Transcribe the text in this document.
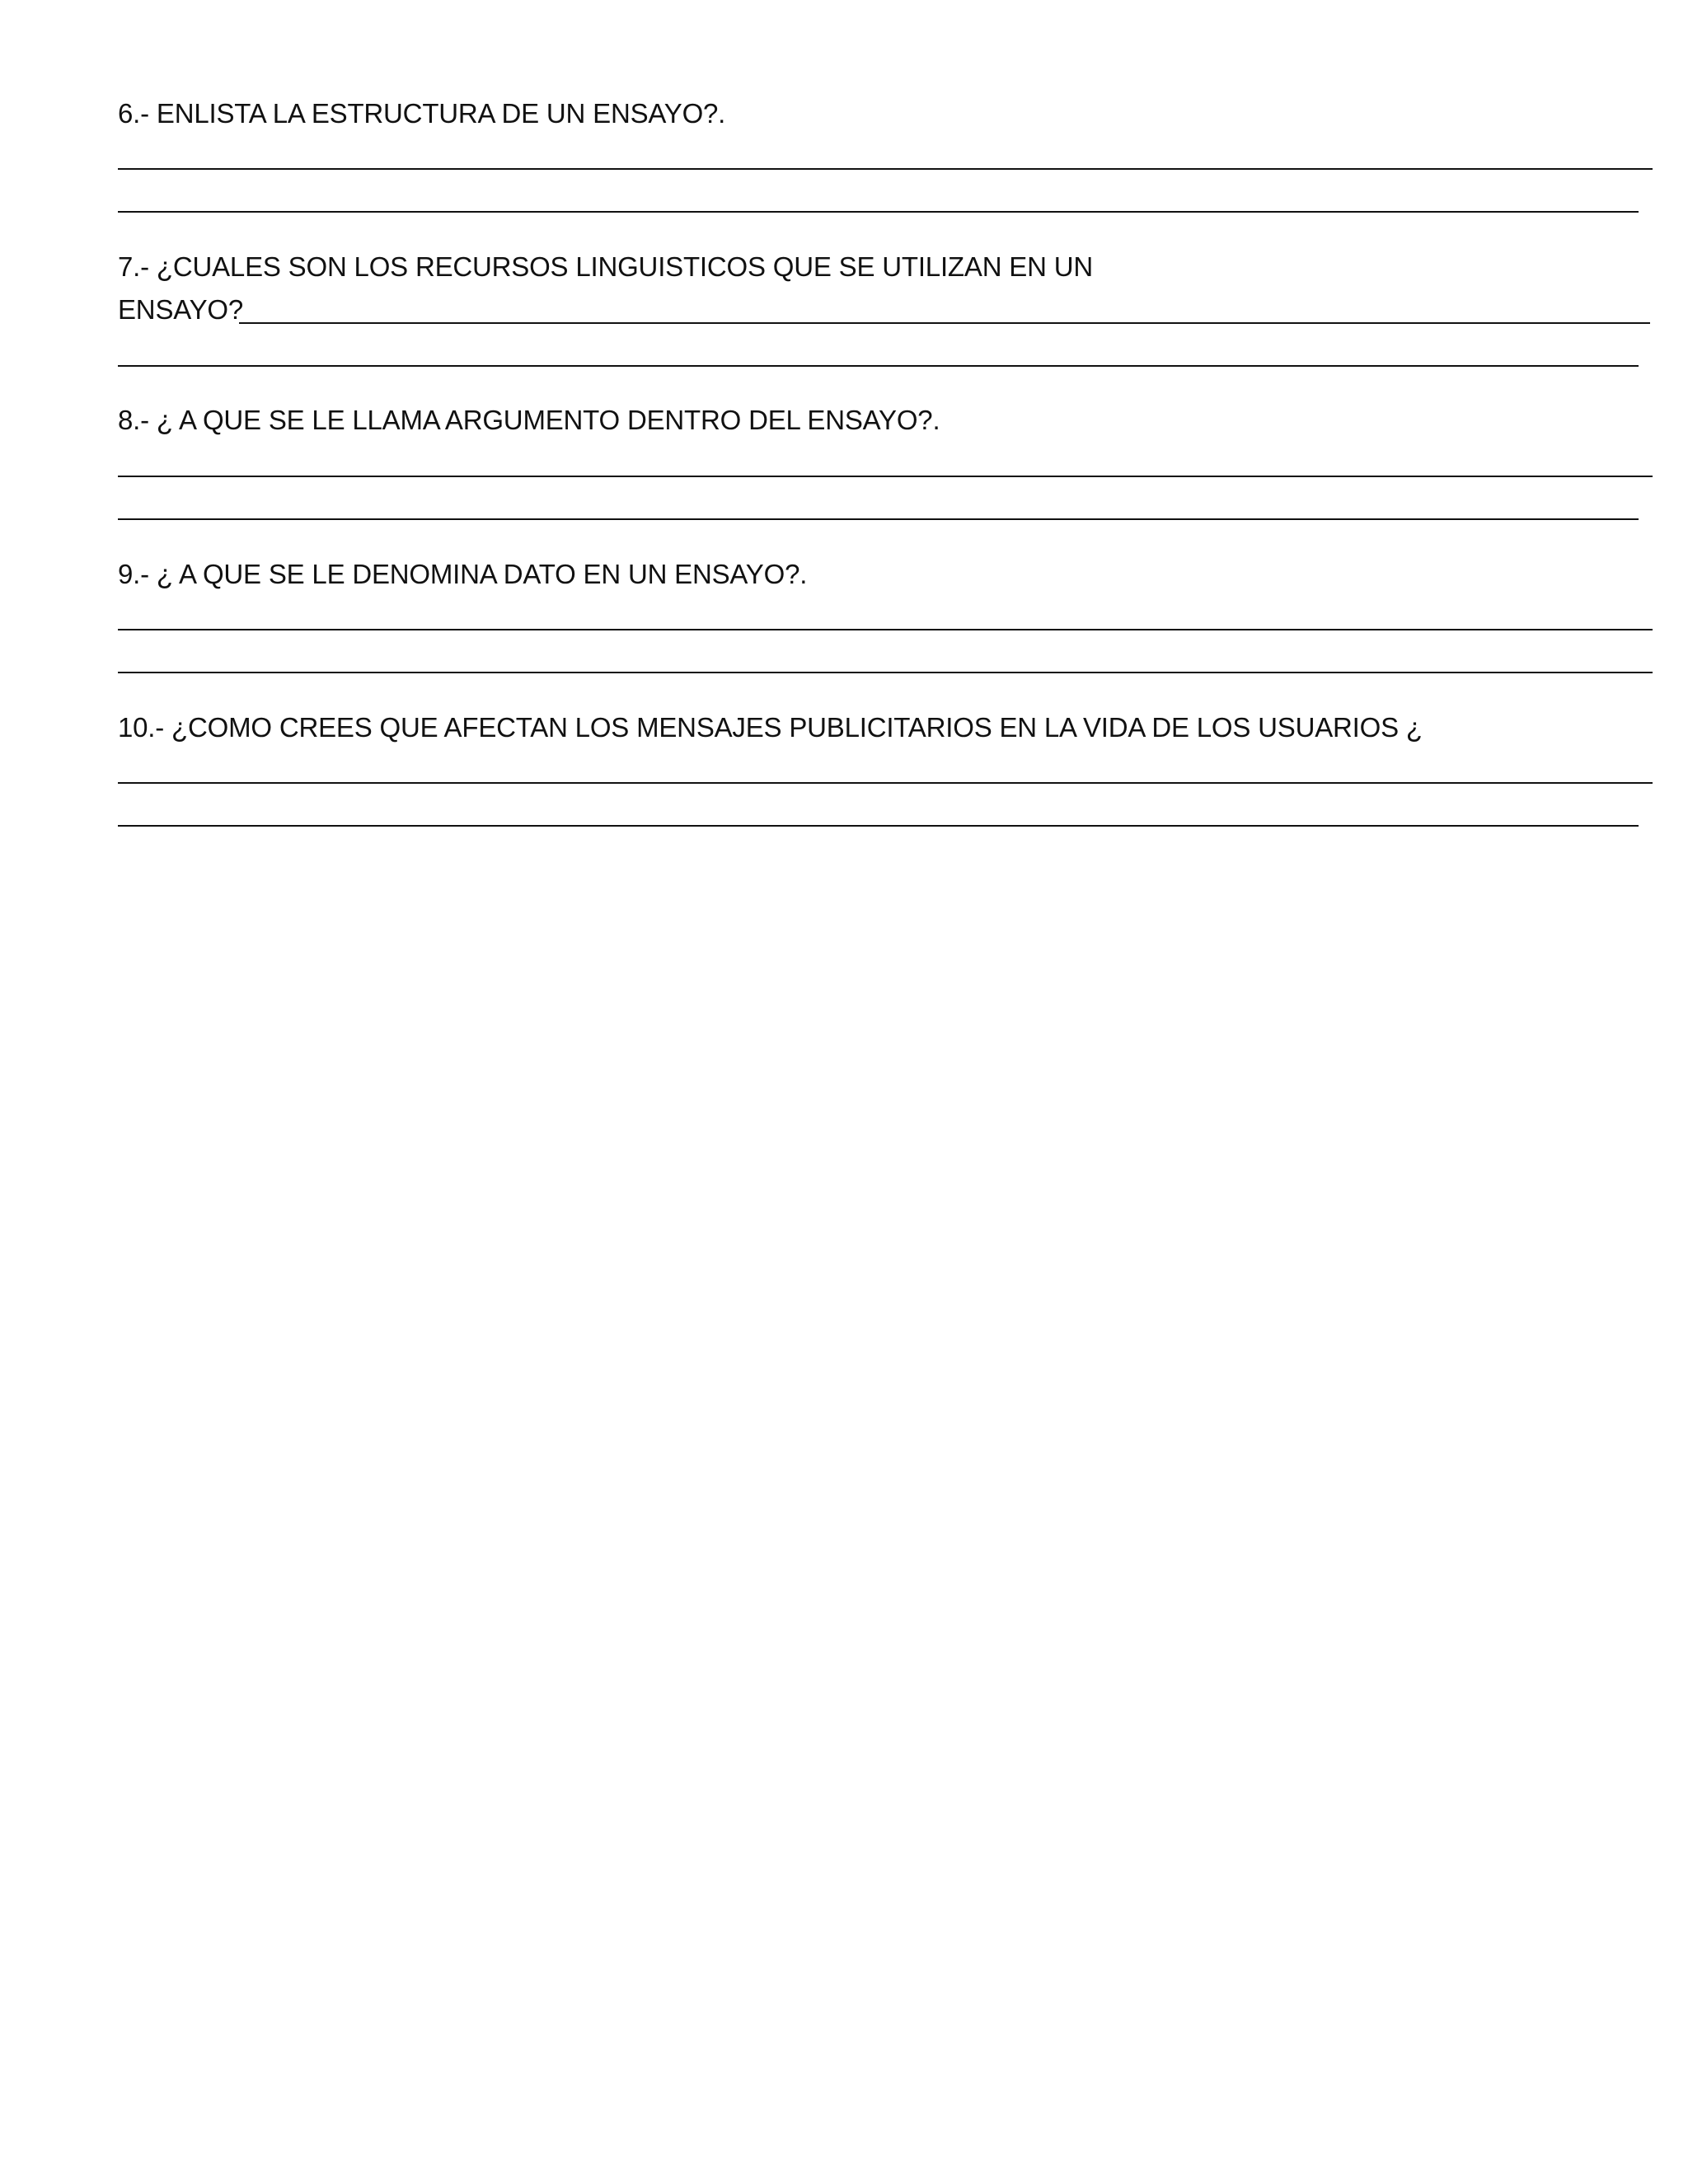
6.- ENLISTA LA ESTRUCTURA DE UN ENSAYO?.
7.- ¿CUALES SON LOS RECURSOS LINGUISTICOS QUE SE UTILIZAN EN UN
ENSAYO?
8.- ¿ A QUE SE LE LLAMA ARGUMENTO DENTRO DEL ENSAYO?.
9.- ¿ A QUE SE LE DENOMINA DATO EN UN ENSAYO?.
10.- ¿COMO CREES QUE AFECTAN LOS MENSAJES PUBLICITARIOS EN LA VIDA DE LOS USUARIOS ¿
